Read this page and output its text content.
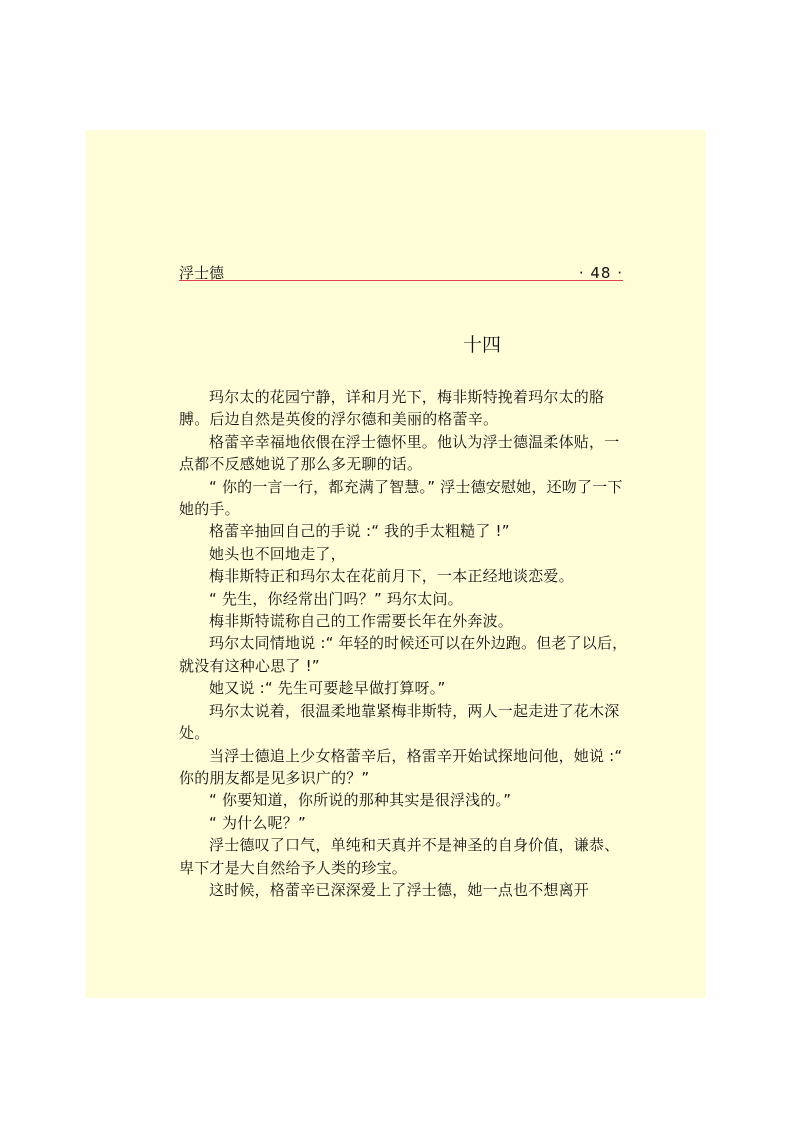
浮士德	· 48 ·
十四

玛尔太的花园宁静，详和月光下，梅非斯特挽着玛尔太的胳膊。后边自然是英俊的浮尔德和美丽的格蕾辛。

格蕾辛幸福地依偎在浮士德怀里。他认为浮士德温柔体贴，一点都不反感她说了那么多无聊的话。

“ 你的一言一行，都充满了智慧。” 浮士德安慰她，还吻了一下她的手。

格蕾辛抽回自己的手说 :“ 我的手太粗糙了 !”

她头也不回地走了，

梅非斯特正和玛尔太在花前月下，一本正经地谈恋爱。

“ 先生，你经常出门吗？” 玛尔太问。

梅非斯特谎称自己的工作需要长年在外奔波。

玛尔太同情地说 :“ 年轻的时候还可以在外边跑。但老了以后，就没有这种心思了 !”

她又说 :“ 先生可要趁早做打算呀。”

玛尔太说着，很温柔地靠紧梅非斯特，两人一起走进了花木深处。

当浮士德追上少女格蕾辛后，格雷辛开始试探地问他，她说 :“ 你的朋友都是见多识广的？”

“ 你要知道，你所说的那种其实是很浮浅的。”

“ 为什么呢？”

浮士德叹了口气，单纯和天真并不是神圣的自身价值，谦恭、卑下才是大自然给予人类的珍宝。

这时候，格蕾辛已深深爱上了浮士德，她一点也不想离开
